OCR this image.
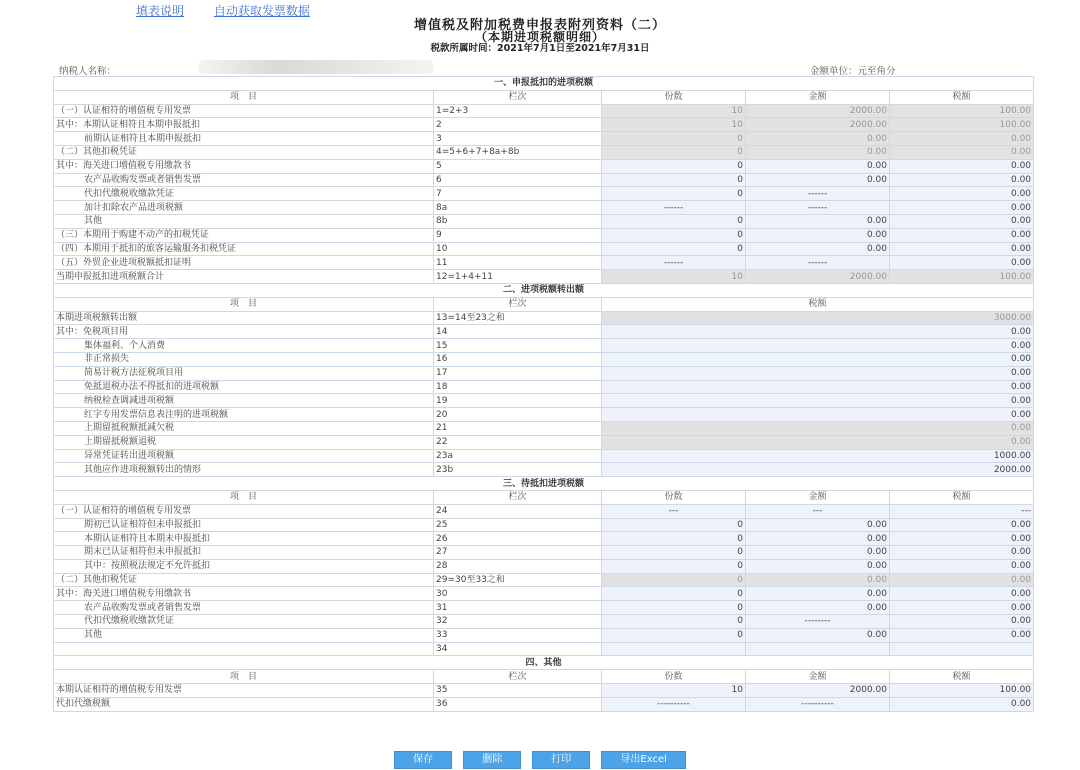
填表说明 自动获取发票数据
增值税及附加税费申报表附列资料（二）
（本期进项税额明细）
税款所属时间：2021年7月1日至2021年7月31日
纳税人名称：	金额单位：元至角分
一、申报抵扣的进项税额				
项　目	栏次	份数	金额	税额
（一）认证相符的增值税专用发票	1=2+3	10	2000.00	100.00
其中：本期认证相符且本期申报抵扣	2	10	2000.00	100.00
前期认证相符且本期申报抵扣	3	0	0.00	0.00
（二）其他扣税凭证	4=5+6+7+8a+8b	0	0.00	0.00
其中：海关进口增值税专用缴款书	5	0	0.00	0.00
农产品收购发票或者销售发票	6	0	0.00	0.00
代扣代缴税收缴款凭证	7	0	------	0.00
加计扣除农产品进项税额	8a	------	------	0.00
其他	8b	0	0.00	0.00
（三）本期用于购建不动产的扣税凭证	9	0	0.00	0.00
（四）本期用于抵扣的旅客运输服务扣税凭证	10	0	0.00	0.00
（五）外贸企业进项税额抵扣证明	11	------	------	0.00
当期申报抵扣进项税额合计	12=1+4+11	10	2000.00	100.00
二、进项税额转出额				
项　目	栏次	税额		
本期进项税额转出额	13=14至23之和	3000.00		
其中：免税项目用	14	0.00		
集体福利、个人消费	15	0.00		
非正常损失	16	0.00		
简易计税方法征税项目用	17	0.00		
免抵退税办法不得抵扣的进项税额	18	0.00		
纳税检查调减进项税额	19	0.00		
红字专用发票信息表注明的进项税额	20	0.00		
上期留抵税额抵减欠税	21	0.00		
上期留抵税额退税	22	0.00		
异常凭证转出进项税额	23a	1000.00		
其他应作进项税额转出的情形	23b	2000.00		
三、待抵扣进项税额				
项　目	栏次	份数	金额	税额
（一）认证相符的增值税专用发票	24	---	---	---
期初已认证相符但未申报抵扣	25	0	0.00	0.00
本期认证相符且本期未申报抵扣	26	0	0.00	0.00
期末已认证相符但未申报抵扣	27	0	0.00	0.00
其中：按照税法规定不允许抵扣	28	0	0.00	0.00
（二）其他扣税凭证	29=30至33之和	0	0.00	0.00
其中：海关进口增值税专用缴款书	30	0	0.00	0.00
农产品收购发票或者销售发票	31	0	0.00	0.00
代扣代缴税收缴款凭证	32	0	--------	0.00
其他	33	0	0.00	0.00
	34			
四、其他				
项　目	栏次	份数	金额	税额
本期认证相符的增值税专用发票	35	10	2000.00	100.00
代扣代缴税额	36	----------	----------	0.00
保存	删除	打印	导出Excel
